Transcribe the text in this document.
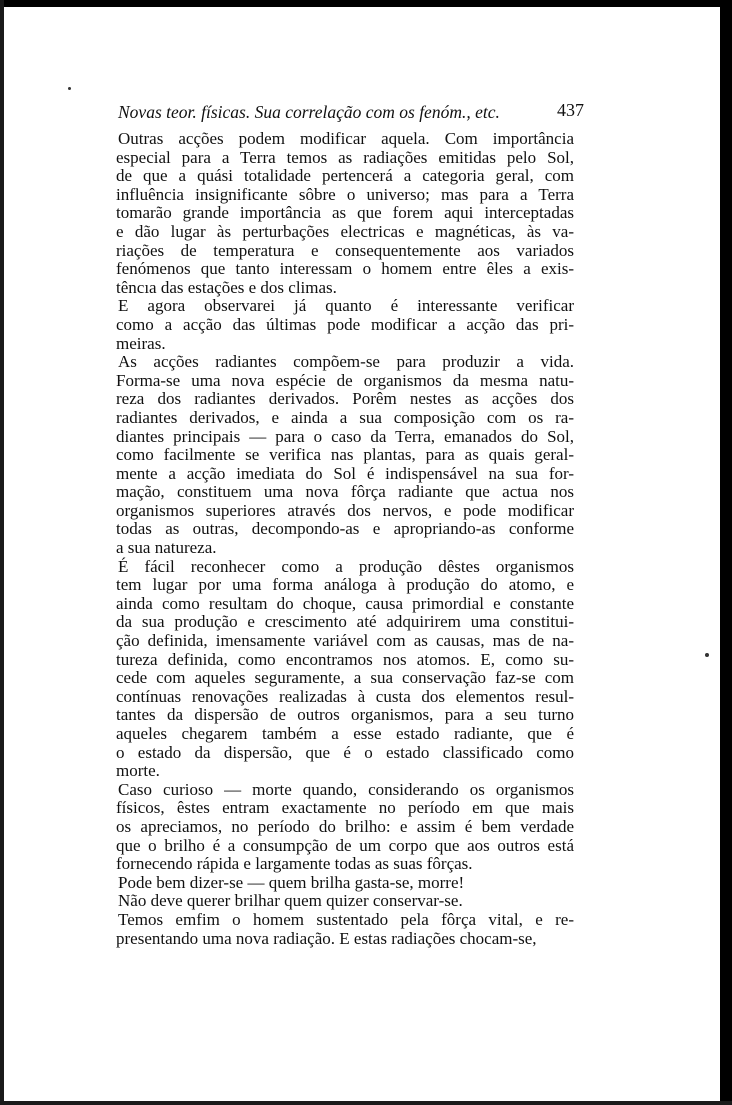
Novas teor. físicas. Sua correlação com os fenóm., etc.	437
Outras acções podem modificar aquela. Com importância
especial para a Terra temos as radiações emitidas pelo Sol,
de que a quási totalidade pertencerá a categoria geral, com
influência insignificante sôbre o universo; mas para a Terra
tomarão grande importância as que forem aqui interceptadas
e dão lugar às perturbações electricas e magnéticas, às va-
riações de temperatura e consequentemente aos variados
fenómenos que tanto interessam o homem entre êles a exis-
têncıa das estações e dos climas.
E agora observarei já quanto é interessante verificar
como a acção das últimas pode modificar a acção das pri-
meiras.
As acções radiantes compõem-se para produzir a vida.
Forma-se uma nova espécie de organismos da mesma natu-
reza dos radiantes derivados. Porêm nestes as acções dos
radiantes derivados, e ainda a sua composição com os ra-
diantes principais — para o caso da Terra, emanados do Sol,
como facilmente se verifica nas plantas, para as quais geral-
mente a acção imediata do Sol é indispensável na sua for-
mação, constituem uma nova fôrça radiante que actua nos
organismos superiores através dos nervos, e pode modificar
todas as outras, decompondo-as e apropriando-as conforme
a sua natureza.
É fácil reconhecer como a produção dêstes organismos
tem lugar por uma forma análoga à produção do atomo, e
ainda como resultam do choque, causa primordial e constante
da sua produção e crescimento até adquirirem uma constitui-
ção definida, imensamente variável com as causas, mas de na-
tureza definida, como encontramos nos atomos. E, como su-
cede com aqueles seguramente, a sua conservação faz-se com
contínuas renovações realizadas à custa dos elementos resul-
tantes da dispersão de outros organismos, para a seu turno
aqueles chegarem também a esse estado radiante, que é
o estado da dispersão, que é o estado classificado como
morte.
Caso curioso — morte quando, considerando os organismos
físicos, êstes entram exactamente no período em que mais
os apreciamos, no período do brilho: e assim é bem verdade
que o brilho é a consumpção de um corpo que aos outros está
fornecendo rápida e largamente todas as suas fôrças.
Pode bem dizer-se — quem brilha gasta-se, morre!
Não deve querer brilhar quem quizer conservar-se.
Temos emfim o homem sustentado pela fôrça vital, e re-
presentando uma nova radiação. E estas radiações chocam-se,
